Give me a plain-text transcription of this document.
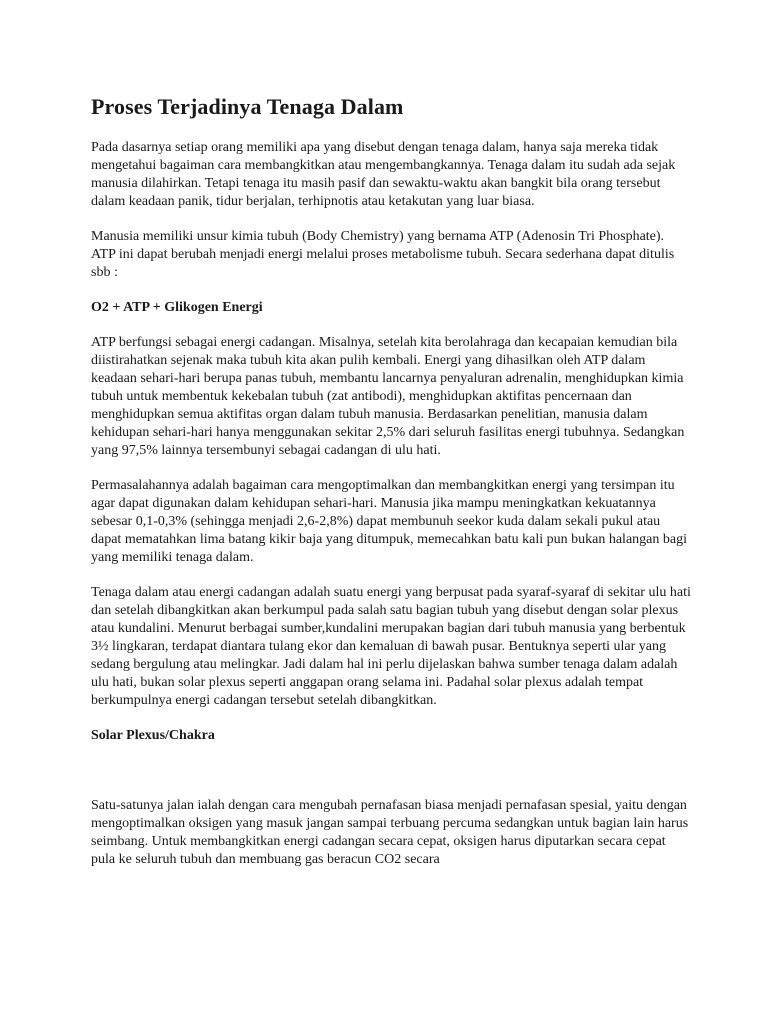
Proses Terjadinya Tenaga Dalam

Pada dasarnya setiap orang memiliki apa yang disebut dengan tenaga dalam, hanya saja mereka tidak mengetahui bagaiman cara membangkitkan atau mengembangkannya. Tenaga dalam itu sudah ada sejak manusia dilahirkan. Tetapi tenaga itu masih pasif dan sewaktu-waktu akan bangkit bila orang tersebut dalam keadaan panik, tidur berjalan, terhipnotis atau ketakutan yang luar biasa.

Manusia memiliki unsur kimia tubuh (Body Chemistry) yang bernama ATP (Adenosin Tri Phosphate). ATP ini dapat berubah menjadi energi melalui proses metabolisme tubuh. Secara sederhana dapat ditulis sbb :

O2 + ATP + Glikogen Energi

ATP berfungsi sebagai energi cadangan. Misalnya, setelah kita berolahraga dan kecapaian kemudian bila diistirahatkan sejenak maka tubuh kita akan pulih kembali. Energi yang dihasilkan oleh ATP dalam keadaan sehari-hari berupa panas tubuh, membantu lancarnya penyaluran adrenalin, menghidupkan kimia tubuh untuk membentuk kekebalan tubuh (zat antibodi), menghidupkan aktifitas pencernaan dan menghidupkan semua aktifitas organ dalam tubuh manusia. Berdasarkan penelitian, manusia dalam kehidupan sehari-hari hanya menggunakan sekitar 2,5% dari seluruh fasilitas energi tubuhnya. Sedangkan yang 97,5% lainnya tersembunyi sebagai cadangan di ulu hati.

Permasalahannya adalah bagaiman cara mengoptimalkan dan membangkitkan energi yang tersimpan itu agar dapat digunakan dalam kehidupan sehari-hari. Manusia jika mampu meningkatkan kekuatannya sebesar 0,1-0,3% (sehingga menjadi 2,6-2,8%) dapat membunuh seekor kuda dalam sekali pukul atau dapat mematahkan lima batang kikir baja yang ditumpuk, memecahkan batu kali pun bukan halangan bagi yang memiliki tenaga dalam.

Tenaga dalam atau energi cadangan adalah suatu energi yang berpusat pada syaraf-syaraf di sekitar ulu hati dan setelah dibangkitkan akan berkumpul pada salah satu bagian tubuh yang disebut dengan solar plexus atau kundalini. Menurut berbagai sumber,kundalini merupakan bagian dari tubuh manusia yang berbentuk 3½ lingkaran, terdapat diantara tulang ekor dan kemaluan di bawah pusar. Bentuknya seperti ular yang sedang bergulung atau melingkar. Jadi dalam hal ini perlu dijelaskan bahwa sumber tenaga dalam adalah ulu hati, bukan solar plexus seperti anggapan orang selama ini. Padahal solar plexus adalah tempat berkumpulnya energi cadangan tersebut setelah dibangkitkan.

Solar Plexus/Chakra

Satu-satunya jalan ialah dengan cara mengubah pernafasan biasa menjadi pernafasan spesial, yaitu dengan mengoptimalkan oksigen yang masuk jangan sampai terbuang percuma sedangkan untuk bagian lain harus seimbang. Untuk membangkitkan energi cadangan secara cepat, oksigen harus diputarkan secara cepat pula ke seluruh tubuh dan membuang gas beracun CO2 secara
